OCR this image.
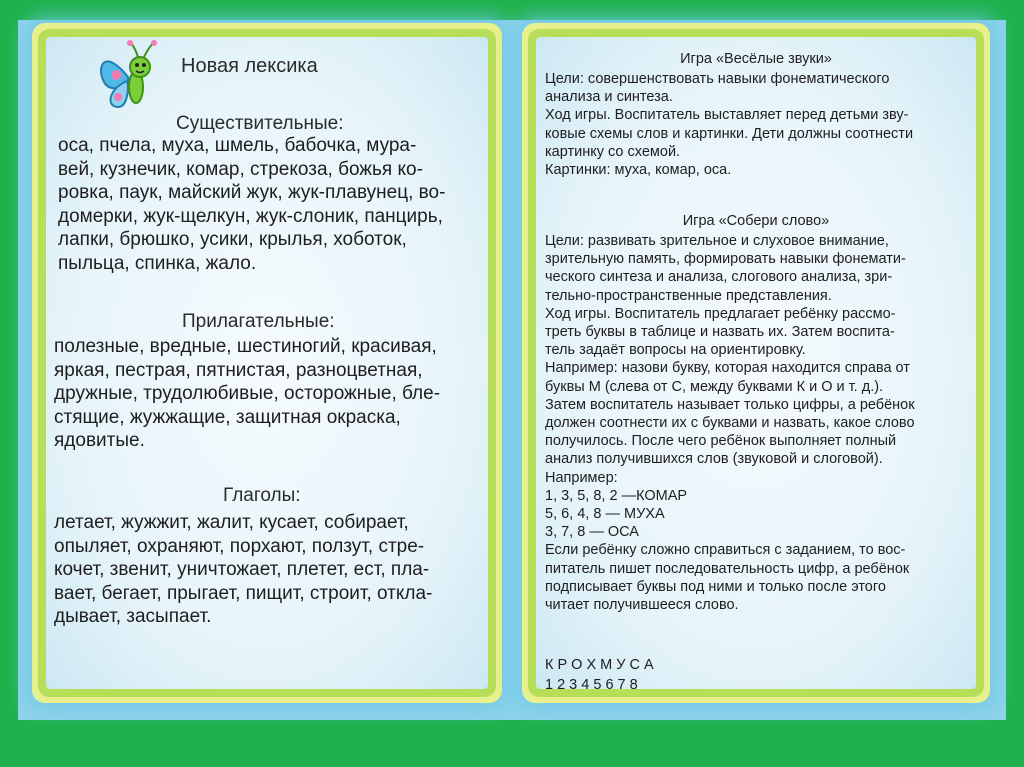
Новая лексика
Существительные:
оса, пчела, муха, шмель, бабочка, мура-
вей, кузнечик, комар, стрекоза, божья ко-
ровка, паук, майский жук, жук-плавунец, во-
домерки, жук-щелкун, жук-слоник, панцирь,
лапки, брюшко, усики, крылья, хоботок,
пыльца, спинка, жало.
Прилагательные:
полезные, вредные, шестиногий, красивая,
яркая, пестрая, пятнистая, разноцветная,
дружные, трудолюбивые, осторожные, бле-
стящие, жужжащие, защитная окраска,
ядовитые.
Глаголы:
летает, жужжит, жалит, кусает, собирает,
опыляет, охраняют, порхают, ползут, стре-
кочет, звенит, уничтожает, плетет, ест, пла-
вает, бегает, прыгает, пищит, строит, откла-
дывает, засыпает.
Игра «Весёлые звуки»
Цели: совершенствовать навыки фонематического
анализа и синтеза.
Ход игры. Воспитатель выставляет перед детьми зву-
ковые схемы слов и картинки. Дети должны соотнести
картинку со схемой.
Картинки: муха, комар, оса.
Игра «Собери слово»
Цели: развивать зрительное и слуховое внимание,
зрительную память, формировать навыки фонемати-
ческого синтеза и анализа, слогового анализа, зри-
тельно-пространственные представления.
Ход игры. Воспитатель предлагает ребёнку рассмо-
треть буквы в таблице и назвать их. Затем воспита-
тель задаёт вопросы на ориентировку.
Например: назови букву, которая находится справа от
буквы М (слева от С, между буквами К и О и т. д.).
Затем воспитатель называет только цифры, а ребёнок
должен соотнести их с буквами и назвать, какое слово
получилось. После чего ребёнок выполняет полный
анализ получившихся слов (звуковой и слоговой).
Например:
1, 3, 5, 8, 2 —КОМАР
5, 6, 4, 8 — МУХА
3, 7, 8 — ОСА
Если ребёнку сложно справиться с заданием, то вос-
питатель пишет последовательность цифр, а ребёнок
подписывает буквы под ними и только после этого
читает получившееся слово.
К Р О Х М У С А
1 2 3 4 5 6 7 8
